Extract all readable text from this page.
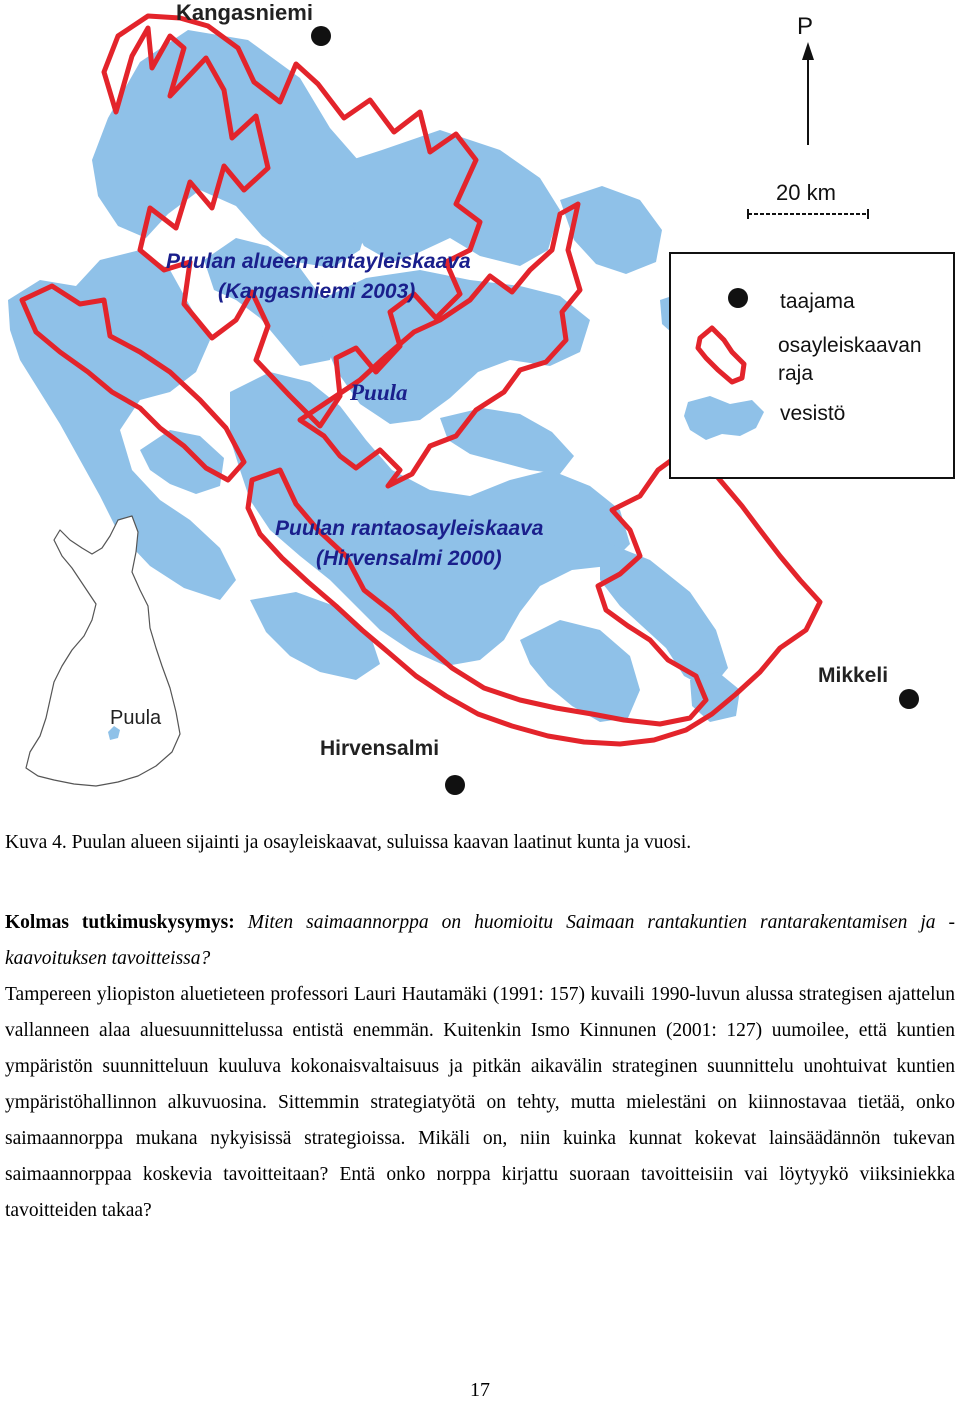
Kangasniemi
Mikkeli
Hirvensalmi
P
20 km
Puulan alueen rantayleiskaava
(Kangasniemi 2003)
Puula
Puulan rantaosayleiskaava
(Hirvensalmi 2000)
taajama
osayleiskaavan
raja
vesistö
Puula
Kuva 4. Puulan alueen sijainti ja osayleiskaavat, suluissa kaavan laatinut kunta ja vuosi.

Kolmas tutkimuskysymys: Miten saimaannorppa on huomioitu Saimaan rantakuntien rantarakentamisen ja -kaavoituksen tavoitteissa?

Tampereen yliopiston aluetieteen professori Lauri Hautamäki (1991: 157) kuvaili 1990-luvun alussa strategisen ajattelun vallanneen alaa aluesuunnittelussa entistä enemmän. Kuitenkin Ismo Kinnunen (2001: 127) uumoilee, että kuntien ympäristön suunnitteluun kuuluva kokonaisvaltaisuus ja pitkän aikavälin strateginen suunnittelu unohtuivat kuntien ympäristöhallinnon alkuvuosina. Sittemmin strategiatyötä on tehty, mutta mielestäni on kiinnostavaa tietää, onko saimaannorppa mukana nykyisissä strategioissa. Mikäli on, niin kuinka kunnat kokevat lainsäädännön tukevan saimaannorppaa koskevia tavoitteitaan? Entä onko norppa kirjattu suoraan tavoitteisiin vai löytyykö viiksiniekka tavoitteiden takaa?

17
